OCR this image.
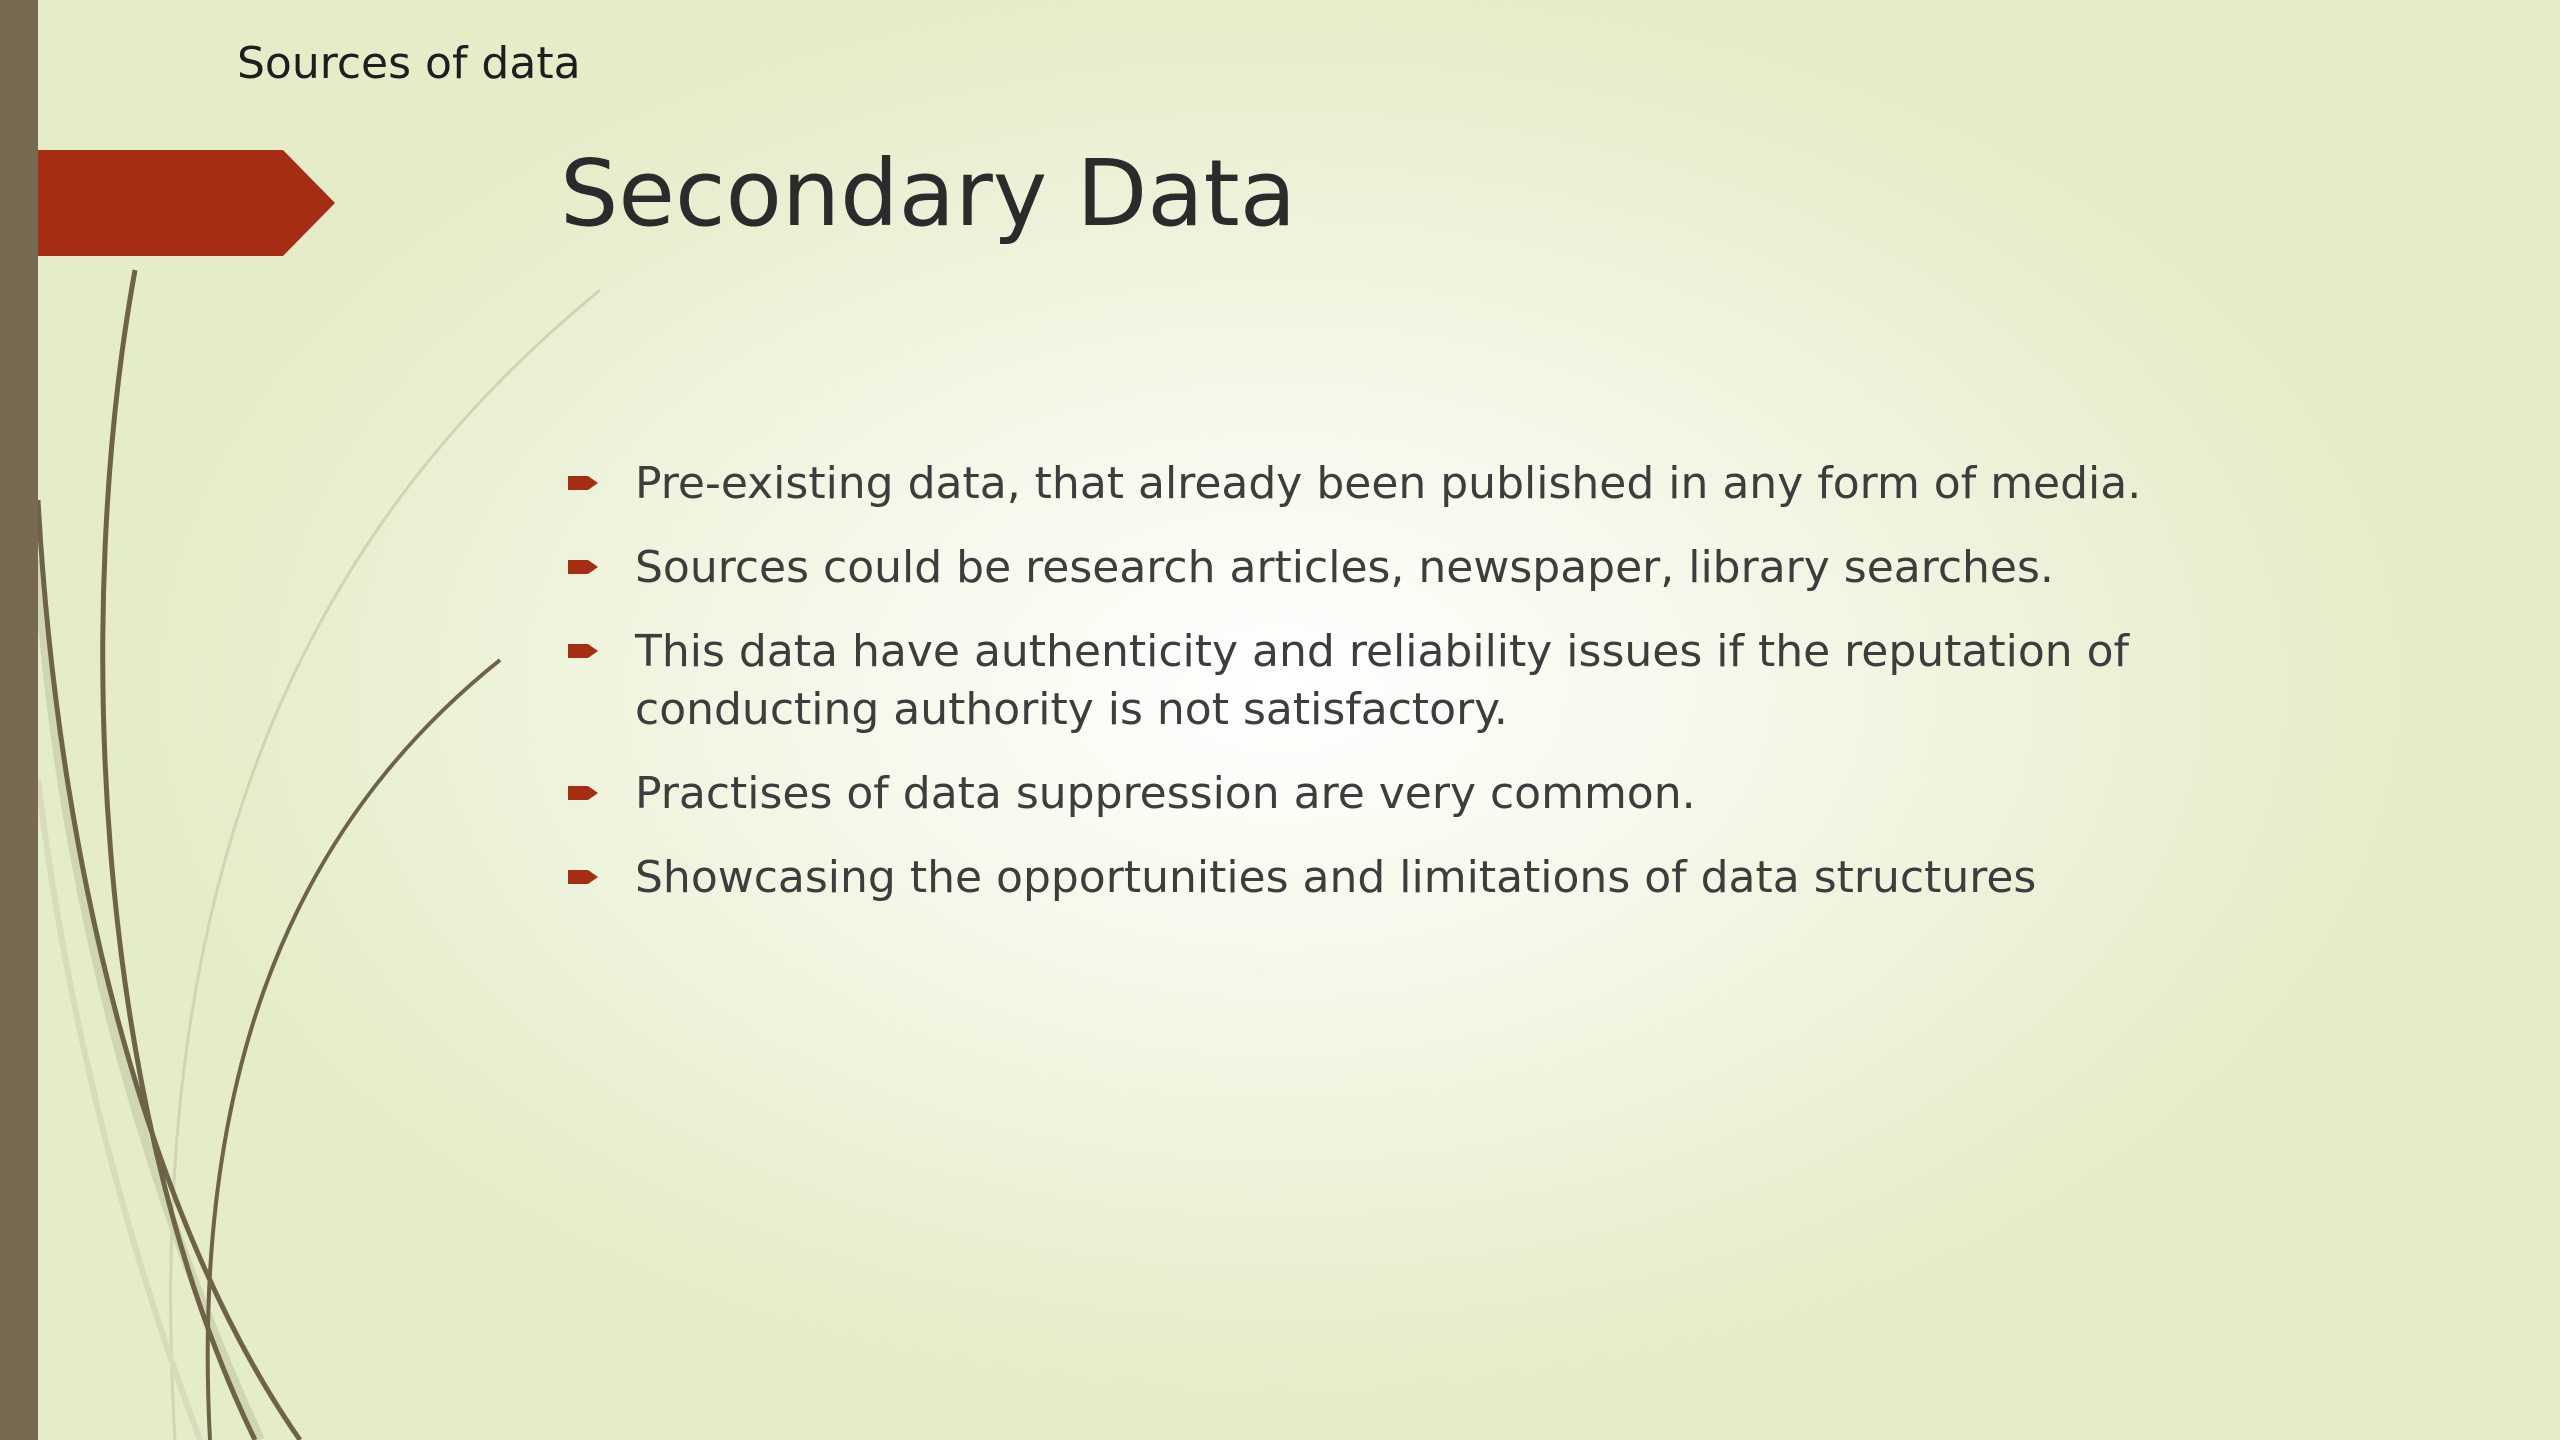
Sources of data
Secondary Data
Pre-existing data, that already been published in any form of media.
Sources could be research articles, newspaper, library searches.
This data have authenticity and reliability issues if the reputation of conducting authority is not satisfactory.
Practises of data suppression are very common.
Showcasing the opportunities and limitations of data structures
